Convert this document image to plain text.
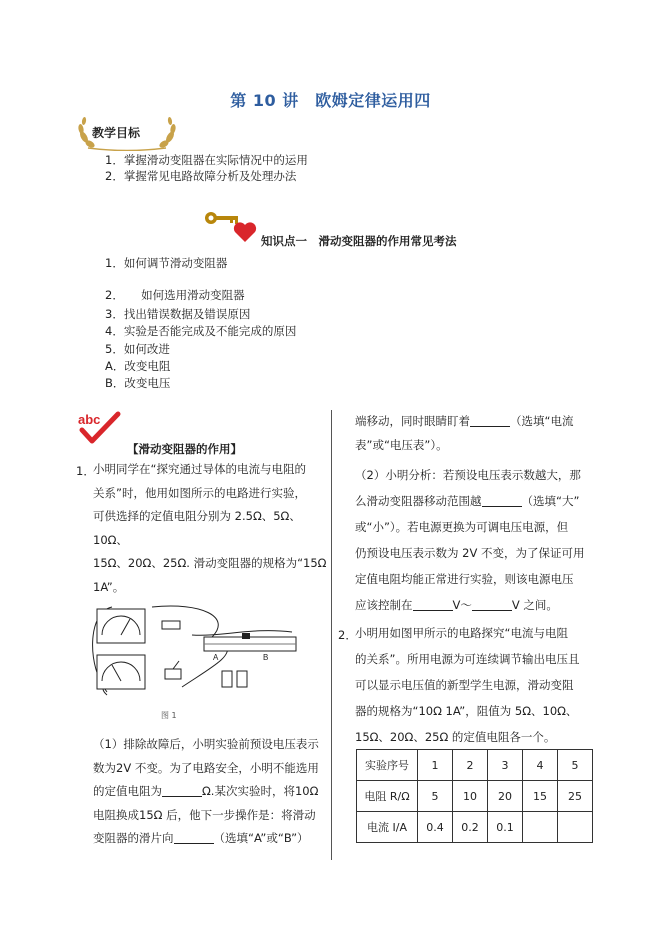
第 10 讲　欧姆定律运用四
教学目标
1．掌握滑动变阻器在实际情况中的运用
2．掌握常见电路故障分析及处理办法
知识点一　滑动变阻器的作用常见考法
1．如何调节滑动变阻器
2．　　如何选用滑动变阻器
3．找出错误数据及错误原因
4．实验是否能完成及不能完成的原因
5．如何改进
A．改变电阻
B．改变电压
abc
【滑动变阻器的作用】
1．
小明同学在“探究通过导体的电流与电阻的
关系”时，他用如图所示的电路进行实验，
可供选择的定值电阻分别为 2.5Ω、5Ω、10Ω、
15Ω、20Ω、25Ω. 滑动变阻器的规格为“15Ω
1A”。
A	B
图 1
（1）排除故障后，小明实验前预设电压表示
数为2V 不变。为了电路安全，小明不能选用
的定值电阻为	Ω.某次实验时，将10Ω
电阻换成15Ω 后，他下一步操作是：将滑动
变阻器的滑片向	（选填“A”或“B”）
端移动，同时眼睛盯着	（选填“电流
表”或“电压表”）。
（2）小明分析：若预设电压表示数越大，那
么滑动变阻器移动范围越	（选填“大”
或“小”）。若电源更换为可调电压电源，但
仍预设电压表示数为 2V 不变，为了保证可用
定值电阻均能正常进行实验，则该电源电压
应该控制在	V～	V 之间。
2．
小明用如图甲所示的电路探究“电流与电阻
的关系”。所用电源为可连续调节输出电压且
可以显示电压值的新型学生电源，滑动变阻
器的规格为“10Ω 1A”，阻值为 5Ω、10Ω、
15Ω、20Ω、25Ω 的定值电阻各一个。
实验序号	1	2	3	4	5
电阻 R/Ω	5	10	20	15	25
电流 I/A	0.4	0.2	0.1		
